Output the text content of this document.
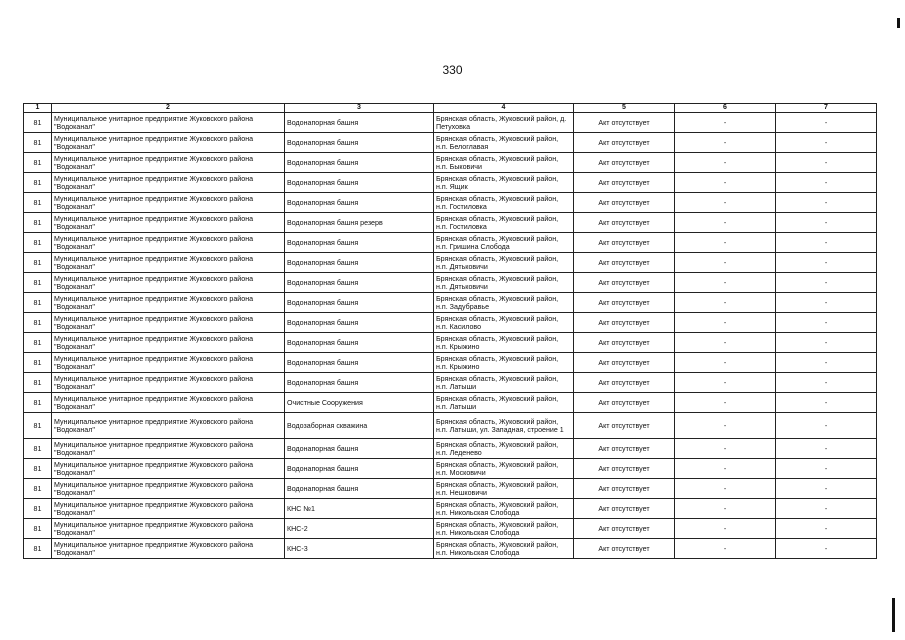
330
1	2	3	4	5	6	7
81	Муниципальное унитарное предприятие Жуковского района "Водоканал"	Водонапорная башня	Брянская область, Жуковский район, д. Петуховка	Акт отсутствует	-	-
81	Муниципальное унитарное предприятие Жуковского района "Водоканал"	Водонапорная башня	Брянская область, Жуковский район, н.п. Белоглавая	Акт отсутствует	-	-
81	Муниципальное унитарное предприятие Жуковского района "Водоканал"	Водонапорная башня	Брянская область, Жуковский район, н.п. Быковичи	Акт отсутствует	-	-
81	Муниципальное унитарное предприятие Жуковского района "Водоканал"	Водонапорная башня	Брянская область, Жуковский район, н.п. Ящик	Акт отсутствует	-	-
81	Муниципальное унитарное предприятие Жуковского района "Водоканал"	Водонапорная башня	Брянская область, Жуковский район, н.п. Гостиловка	Акт отсутствует	-	-
81	Муниципальное унитарное предприятие Жуковского района "Водоканал"	Водонапорная башня резерв	Брянская область, Жуковский район, н.п. Гостиловка	Акт отсутствует	-	-
81	Муниципальное унитарное предприятие Жуковского района "Водоканал"	Водонапорная башня	Брянская область, Жуковский район, н.п. Гришина Слобода	Акт отсутствует	-	-
81	Муниципальное унитарное предприятие Жуковского района "Водоканал"	Водонапорная башня	Брянская область, Жуковский район, н.п. Дятьковичи	Акт отсутствует	-	-
81	Муниципальное унитарное предприятие Жуковского района "Водоканал"	Водонапорная башня	Брянская область, Жуковский район, н.п. Дятьковичи	Акт отсутствует	-	-
81	Муниципальное унитарное предприятие Жуковского района "Водоканал"	Водонапорная башня	Брянская область, Жуковский район, н.п. Задубравье	Акт отсутствует	-	-
81	Муниципальное унитарное предприятие Жуковского района "Водоканал"	Водонапорная башня	Брянская область, Жуковский район, н.п. Касилово	Акт отсутствует	-	-
81	Муниципальное унитарное предприятие Жуковского района "Водоканал"	Водонапорная башня	Брянская область, Жуковский район, н.п. Крыжино	Акт отсутствует	-	-
81	Муниципальное унитарное предприятие Жуковского района "Водоканал"	Водонапорная башня	Брянская область, Жуковский район, н.п. Крыжино	Акт отсутствует	-	-
81	Муниципальное унитарное предприятие Жуковского района "Водоканал"	Водонапорная башня	Брянская область, Жуковский район, н.п. Латыши	Акт отсутствует	-	-
81	Муниципальное унитарное предприятие Жуковского района "Водоканал"	Очистные Сооружения	Брянская область, Жуковский район, н.п. Латыши	Акт отсутствует	-	-
81	Муниципальное унитарное предприятие Жуковского района "Водоканал"	Водозаборная скважина	Брянская область, Жуковский район, н.п. Латыши, ул. Западная, строение 1	Акт отсутствует	-	-
81	Муниципальное унитарное предприятие Жуковского района "Водоканал"	Водонапорная башня	Брянская область, Жуковский район, н.п. Леденево	Акт отсутствует	-	-
81	Муниципальное унитарное предприятие Жуковского района "Водоканал"	Водонапорная башня	Брянская область, Жуковский район, н.п. Московичи	Акт отсутствует	-	-
81	Муниципальное унитарное предприятие Жуковского района "Водоканал"	Водонапорная башня	Брянская область, Жуковский район, н.п. Нешковичи	Акт отсутствует	-	-
81	Муниципальное унитарное предприятие Жуковского района "Водоканал"	КНС №1	Брянская область, Жуковский район, н.п. Никольская Слобода	Акт отсутствует	-	-
81	Муниципальное унитарное предприятие Жуковского района "Водоканал"	КНС-2	Брянская область, Жуковский район, н.п. Никольская Слобода	Акт отсутствует	-	-
81	Муниципальное унитарное предприятие Жуковского района "Водоканал"	КНС-3	Брянская область, Жуковский район, н.п. Никольская Слобода	Акт отсутствует	-	-
